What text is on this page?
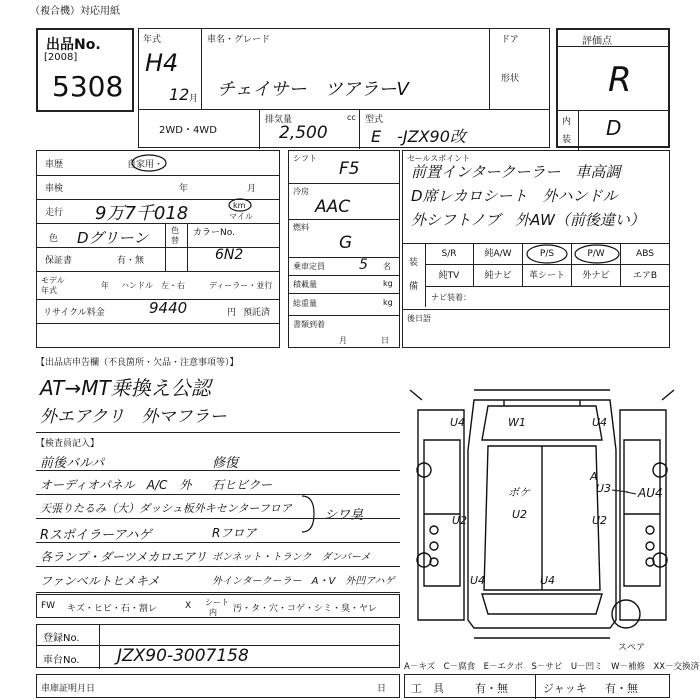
（複合機）対応用紙
出品No.
[2008]
5308
年式
H4
12 月
車名・グレード
チェイサー　ツアラーV
ドア
形状
2WD・4WD
排気量
2,500
cc 型式
E　-JZX90改
評価点
R
内
装 D
車歴	自家用・
車検	年	月
走行 9万7千018	km
マイル
色 Dグリーン	色
替
カラーNo.
6N2
保証書	有・無
モデル
年式
年 ハンドル 左・右	ディーラー・並行
リサイクル料金	9440	円 預託済
シフト
F5
冷房
AAC
燃料
G
乗車定員 5 名
積載量	kg
総重量	kg
書類到着
月	日
セールスポイント
前置インタークーラー　車高調
D席レカロシート　外ハンドル
外シフトノブ　外AW（前後違い）
装
備
S/R	純A/W	P/S	P/W	ABS
純TV	純ナビ	革シート	外ナビ	エアB
ナビ装着：
後日語
【出品店申告欄（不良箇所・欠品・注意事項等）】
AT→MT乗換え公認
外エアクリ　外マフラー
【検査員記入】
前後バルパ
オーディオパネル　A/C　外
天張りたるみ（大）ダッシュ板外キセンターフロア
Rスポイラーアハゲ
各ランプ・ダーツメカロエアリ
ファンベルトヒメキメ
修復
石ヒビクー
Rフロア
ボンネット・トランク　ダンパーメ
外インタークーラー　A・V　外凹アハゲ
シワ臭
FW キズ・ヒビ・石・割レ	X シート
内 汚・タ・穴・コゲ・シミ・臭・ヤレ
登録No.
車台No. JZX90-3007158
U4	W1	U4
A
U3
ボケ
U2
U2	U2
U4	U4
AU4
スペア
A－キズ　C－腐食　E－エクボ　S－サビ　U－凹ミ　W－補修　XX－交換済
車庫証明月日	日 工　具	有・無	ジャッキ 有・無
